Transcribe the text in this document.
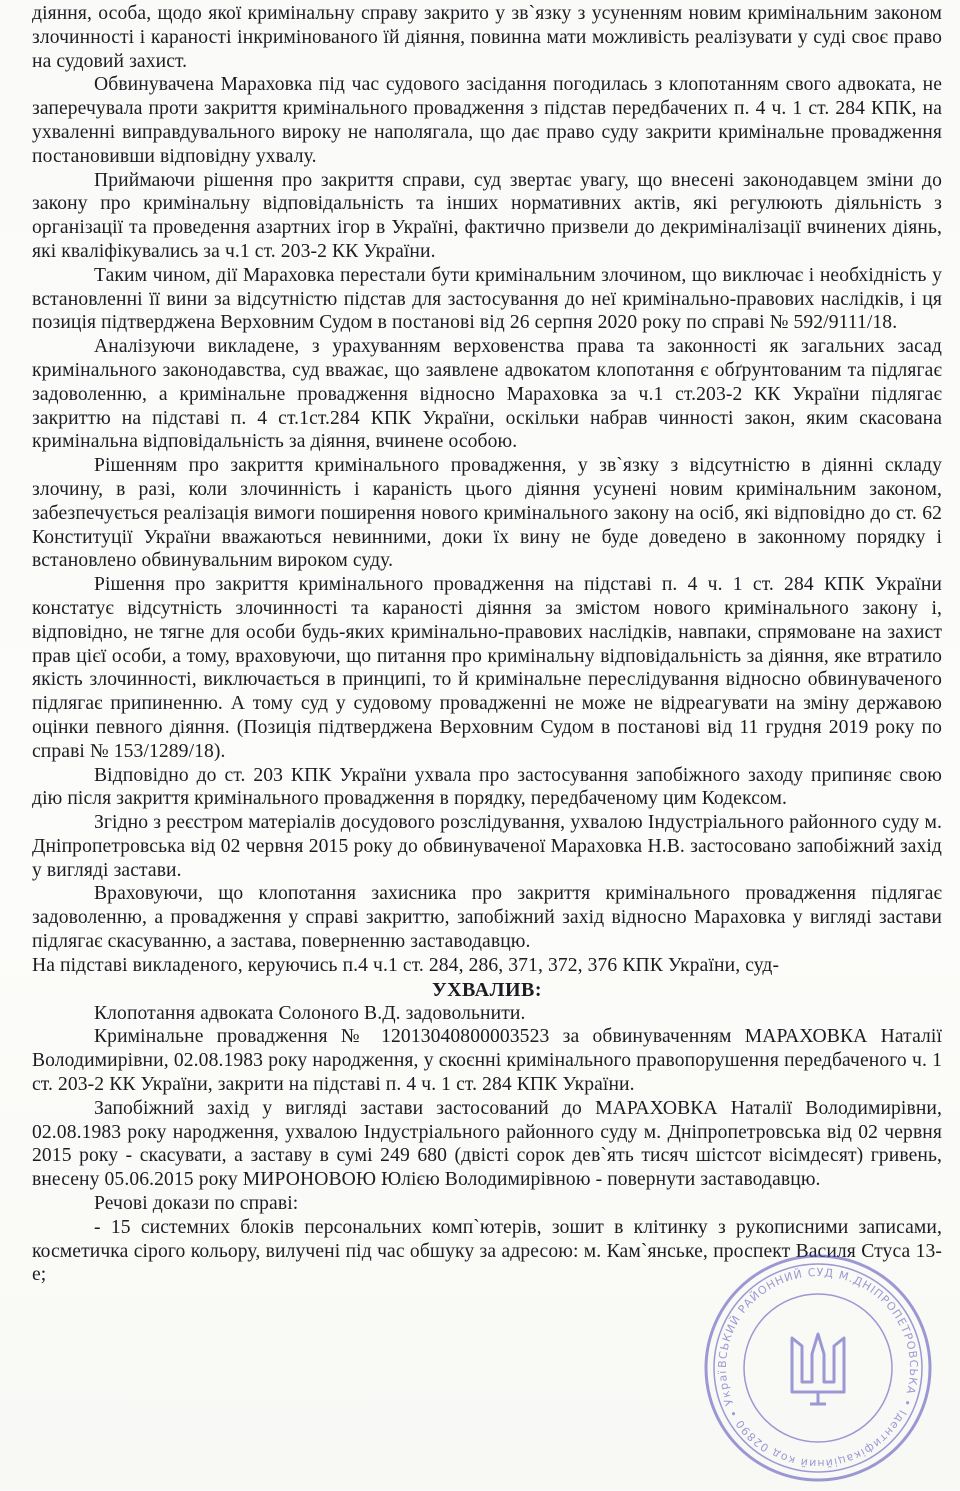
діяння, особа, щодо якої кримінальну справу закрито у зв`язку з усуненням новим кримінальним законом злочинності і караності інкримінованого їй діяння, повинна мати можливість реалізувати у суді своє право на судовий захист.

Обвинувачена Мараховка під час судового засідання погодилась з клопотанням свого адвоката, не заперечувала проти закриття кримінального провадження з підстав передбачених п. 4 ч. 1 ст. 284 КПК, на ухваленні виправдувального вироку не наполягала, що дає право суду закрити кримінальне провадження постановивши відповідну ухвалу.

Приймаючи рішення про закриття справи, суд звертає увагу, що внесені законодавцем зміни до закону про кримінальну відповідальність та інших нормативних актів, які регулюють діяльність з організації та проведення азартних ігор в Україні, фактично призвели до декриміналізації вчинених діянь, які кваліфікувались за ч.1 ст. 203-2 КК України.

Таким чином, дії Мараховка перестали бути кримінальним злочином, що виключає і необхідність у встановленні її вини за відсутністю підстав для застосування до неї кримінально-правових наслідків, і ця позиція підтверджена Верховним Судом в постанові від 26 серпня 2020 року по справі № 592/9111/18.

Аналізуючи викладене, з урахуванням верховенства права та законності як загальних засад кримінального законодавства, суд вважає, що заявлене адвокатом клопотання є обґрунтованим та підлягає задоволенню, а кримінальне провадження відносно Мараховка за ч.1 ст.203-2 КК України підлягає закриттю на підставі п. 4 ст.1ст.284 КПК України, оскільки набрав чинності закон, яким скасована кримінальна відповідальність за діяння, вчинене особою.

Рішенням про закриття кримінального провадження, у зв`язку з відсутністю в діянні складу злочину, в разі, коли злочинність і караність цього діяння усунені новим кримінальним законом, забезпечується реалізація вимоги поширення нового кримінального закону на осіб, які відповідно до ст. 62 Конституції України вважаються невинними, доки їх вину не буде доведено в законному порядку і встановлено обвинувальним вироком суду.

Рішення про закриття кримінального провадження на підставі п. 4 ч. 1 ст. 284 КПК України констатує відсутність злочинності та караності діяння за змістом нового кримінального закону і, відповідно, не тягне для особи будь-яких кримінально-правових наслідків, навпаки, спрямоване на захист прав цієї особи, а тому, враховуючи, що питання про кримінальну відповідальність за діяння, яке втратило якість злочинності, виключається в принципі, то й кримінальне переслідування відносно обвинуваченого підлягає припиненню. А тому суд у судовому провадженні не може не відреагувати на зміну державою оцінки певного діяння. (Позиція підтверджена Верховним Судом в постанові від 11 грудня 2019 року по справі № 153/1289/18).

Відповідно до ст. 203 КПК України ухвала про застосування запобіжного заходу припиняє свою дію після закриття кримінального провадження в порядку, передбаченому цим Кодексом.

Згідно з реєстром матеріалів досудового розслідування, ухвалою Індустріального районного суду м. Дніпропетровська від 02 червня 2015 року до обвинуваченої Мараховка Н.В. застосовано запобіжний захід у вигляді застави.

Враховуючи, що клопотання захисника про закриття кримінального провадження підлягає задоволенню, а провадження у справі закриттю, запобіжний захід відносно Мараховка у вигляді застави підлягає скасуванню, а застава, поверненню заставодавцю.

На підставі викладеного, керуючись п.4 ч.1 ст. 284, 286, 371, 372, 376 КПК України, суд-

УХВАЛИВ:

Клопотання адвоката Солоного В.Д. задовольнити.

Кримінальне провадження № 12013040800003523 за обвинуваченням МАРАХОВКА Наталії Володимирівни, 02.08.1983 року народження, у скоєнні кримінального правопорушення передбаченого ч. 1 ст. 203-2 КК України, закрити на підставі п. 4 ч. 1 ст. 284 КПК України.

Запобіжний захід у вигляді застави застосований до МАРАХОВКА Наталії Володимирівни, 02.08.1983 року народження, ухвалою Індустріального районного суду м. Дніпропетровська від 02 червня 2015 року - скасувати, а заставу в сумі 249 680 (двісті сорок дев`ять тисяч шістсот вісімдесят) гривень, внесену 05.06.2015 року МИРОНОВОЮ Юлією Володимирівною - повернути заставодавцю.

Речові докази по справі:

- 15 системних блоків персональних комп`ютерів, зошит в клітинку з рукописними записами, косметичка сірого кольору, вилучені під час обшуку за адресою: м. Кам`янське, проспект Василя Стуса 13-е;

ВСЬКИЙ РАЙОННИЙ СУД М.ДНІПРОПЕТРОВСЬКА • Ідентифікаційний код 02890 • Украї
